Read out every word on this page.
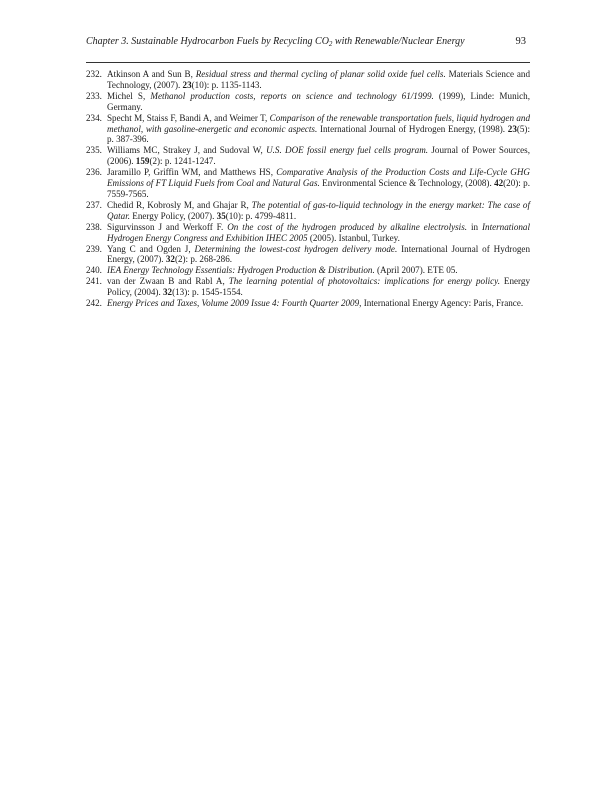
Chapter 3. Sustainable Hydrocarbon Fuels by Recycling $CO_2$ with Renewable/Nuclear Energy	93
232. Atkinson A and Sun B, Residual stress and thermal cycling of planar solid oxide fuel cells. Materials Science and Technology, (2007). 23(10): p. 1135-1143.
233. Michel S, Methanol production costs, reports on science and technology 61/1999. (1999), Linde: Munich, Germany.
234. Specht M, Staiss F, Bandi A, and Weimer T, Comparison of the renewable transportation fuels, liquid hydrogen and methanol, with gasoline-energetic and economic aspects. International Journal of Hydrogen Energy, (1998). 23(5): p. 387-396.
235. Williams MC, Strakey J, and Sudoval W, U.S. DOE fossil energy fuel cells program. Journal of Power Sources, (2006). 159(2): p. 1241-1247.
236. Jaramillo P, Griffin WM, and Matthews HS, Comparative Analysis of the Production Costs and Life-Cycle GHG Emissions of FT Liquid Fuels from Coal and Natural Gas. Environmental Science & Technology, (2008). 42(20): p. 7559-7565.
237. Chedid R, Kobrosly M, and Ghajar R, The potential of gas-to-liquid technology in the energy market: The case of Qatar. Energy Policy, (2007). 35(10): p. 4799-4811.
238. Sigurvinsson J and Werkoff F. On the cost of the hydrogen produced by alkaline electrolysis. in International Hydrogen Energy Congress and Exhibition IHEC 2005 (2005). Istanbul, Turkey.
239. Yang C and Ogden J, Determining the lowest-cost hydrogen delivery mode. International Journal of Hydrogen Energy, (2007). 32(2): p. 268-286.
240. IEA Energy Technology Essentials: Hydrogen Production & Distribution. (April 2007). ETE 05.
241. van der Zwaan B and Rabl A, The learning potential of photovoltaics: implications for energy policy. Energy Policy, (2004). 32(13): p. 1545-1554.
242. Energy Prices and Taxes, Volume 2009 Issue 4: Fourth Quarter 2009, International Energy Agency: Paris, France.
